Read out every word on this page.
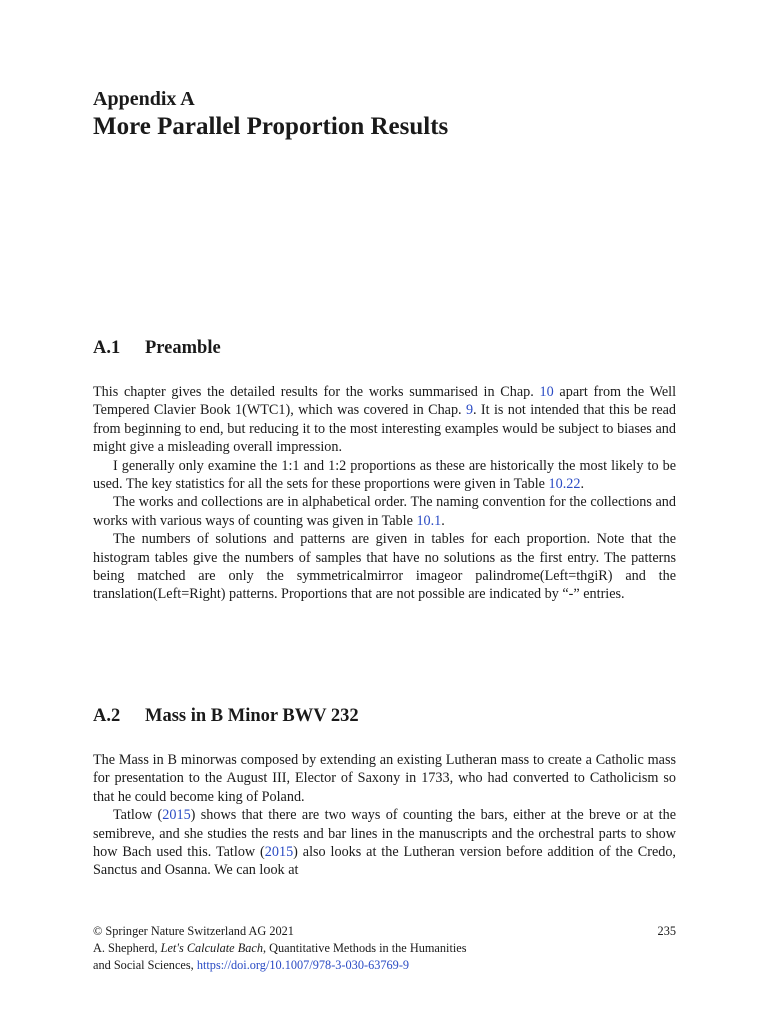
Appendix A
More Parallel Proportion Results
A.1 Preamble

This chapter gives the detailed results for the works summarised in Chap. 10 apart from the Well Tempered Clavier Book 1(WTC1), which was covered in Chap. 9. It is not intended that this be read from beginning to end, but reducing it to the most interesting examples would be subject to biases and might give a misleading overall impression.

I generally only examine the 1:1 and 1:2 proportions as these are historically the most likely to be used. The key statistics for all the sets for these proportions were given in Table 10.22.

The works and collections are in alphabetical order. The naming convention for the collections and works with various ways of counting was given in Table 10.1.

The numbers of solutions and patterns are given in tables for each proportion. Note that the histogram tables give the numbers of samples that have no solutions as the first entry. The patterns being matched are only the symmetricalmirror imageor palindrome(Left=thgiR) and the translation(Left=Right) patterns. Proportions that are not possible are indicated by “-” entries.

A.2 Mass in B Minor BWV 232

The Mass in B minorwas composed by extending an existing Lutheran mass to create a Catholic mass for presentation to the August III, Elector of Saxony in 1733, who had converted to Catholicism so that he could become king of Poland.

Tatlow (2015) shows that there are two ways of counting the bars, either at the breve or at the semibreve, and she studies the rests and bar lines in the manuscripts and the orchestral parts to show how Bach used this. Tatlow (2015) also looks at the Lutheran version before addition of the Credo, Sanctus and Osanna. We can look at

© Springer Nature Switzerland AG 2021	235
A. Shepherd, Let's Calculate Bach, Quantitative Methods in the Humanities
and Social Sciences, https://doi.org/10.1007/978-3-030-63769-9
